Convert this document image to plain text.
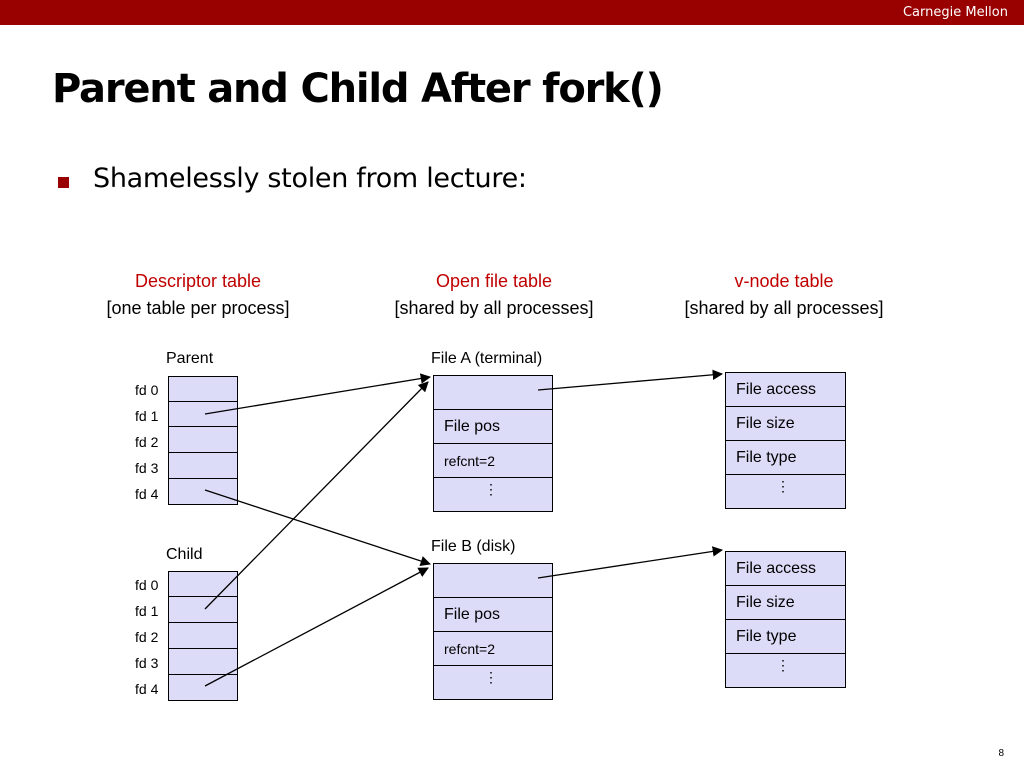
Carnegie Mellon
Parent and Child After fork()
Shamelessly stolen from lecture:
Descriptor table
[one table per process]
Open file table
[shared by all processes]
v-node table
[shared by all processes]
Parent
fd 0
fd 1
fd 2
fd 3
fd 4
Child
fd 0
fd 1
fd 2
fd 3
fd 4
File A (terminal)
File pos
refcnt=2
⋮
File B (disk)
File pos
refcnt=2
⋮
File access
File size
File type
⋮
File access
File size
File type
⋮
8
